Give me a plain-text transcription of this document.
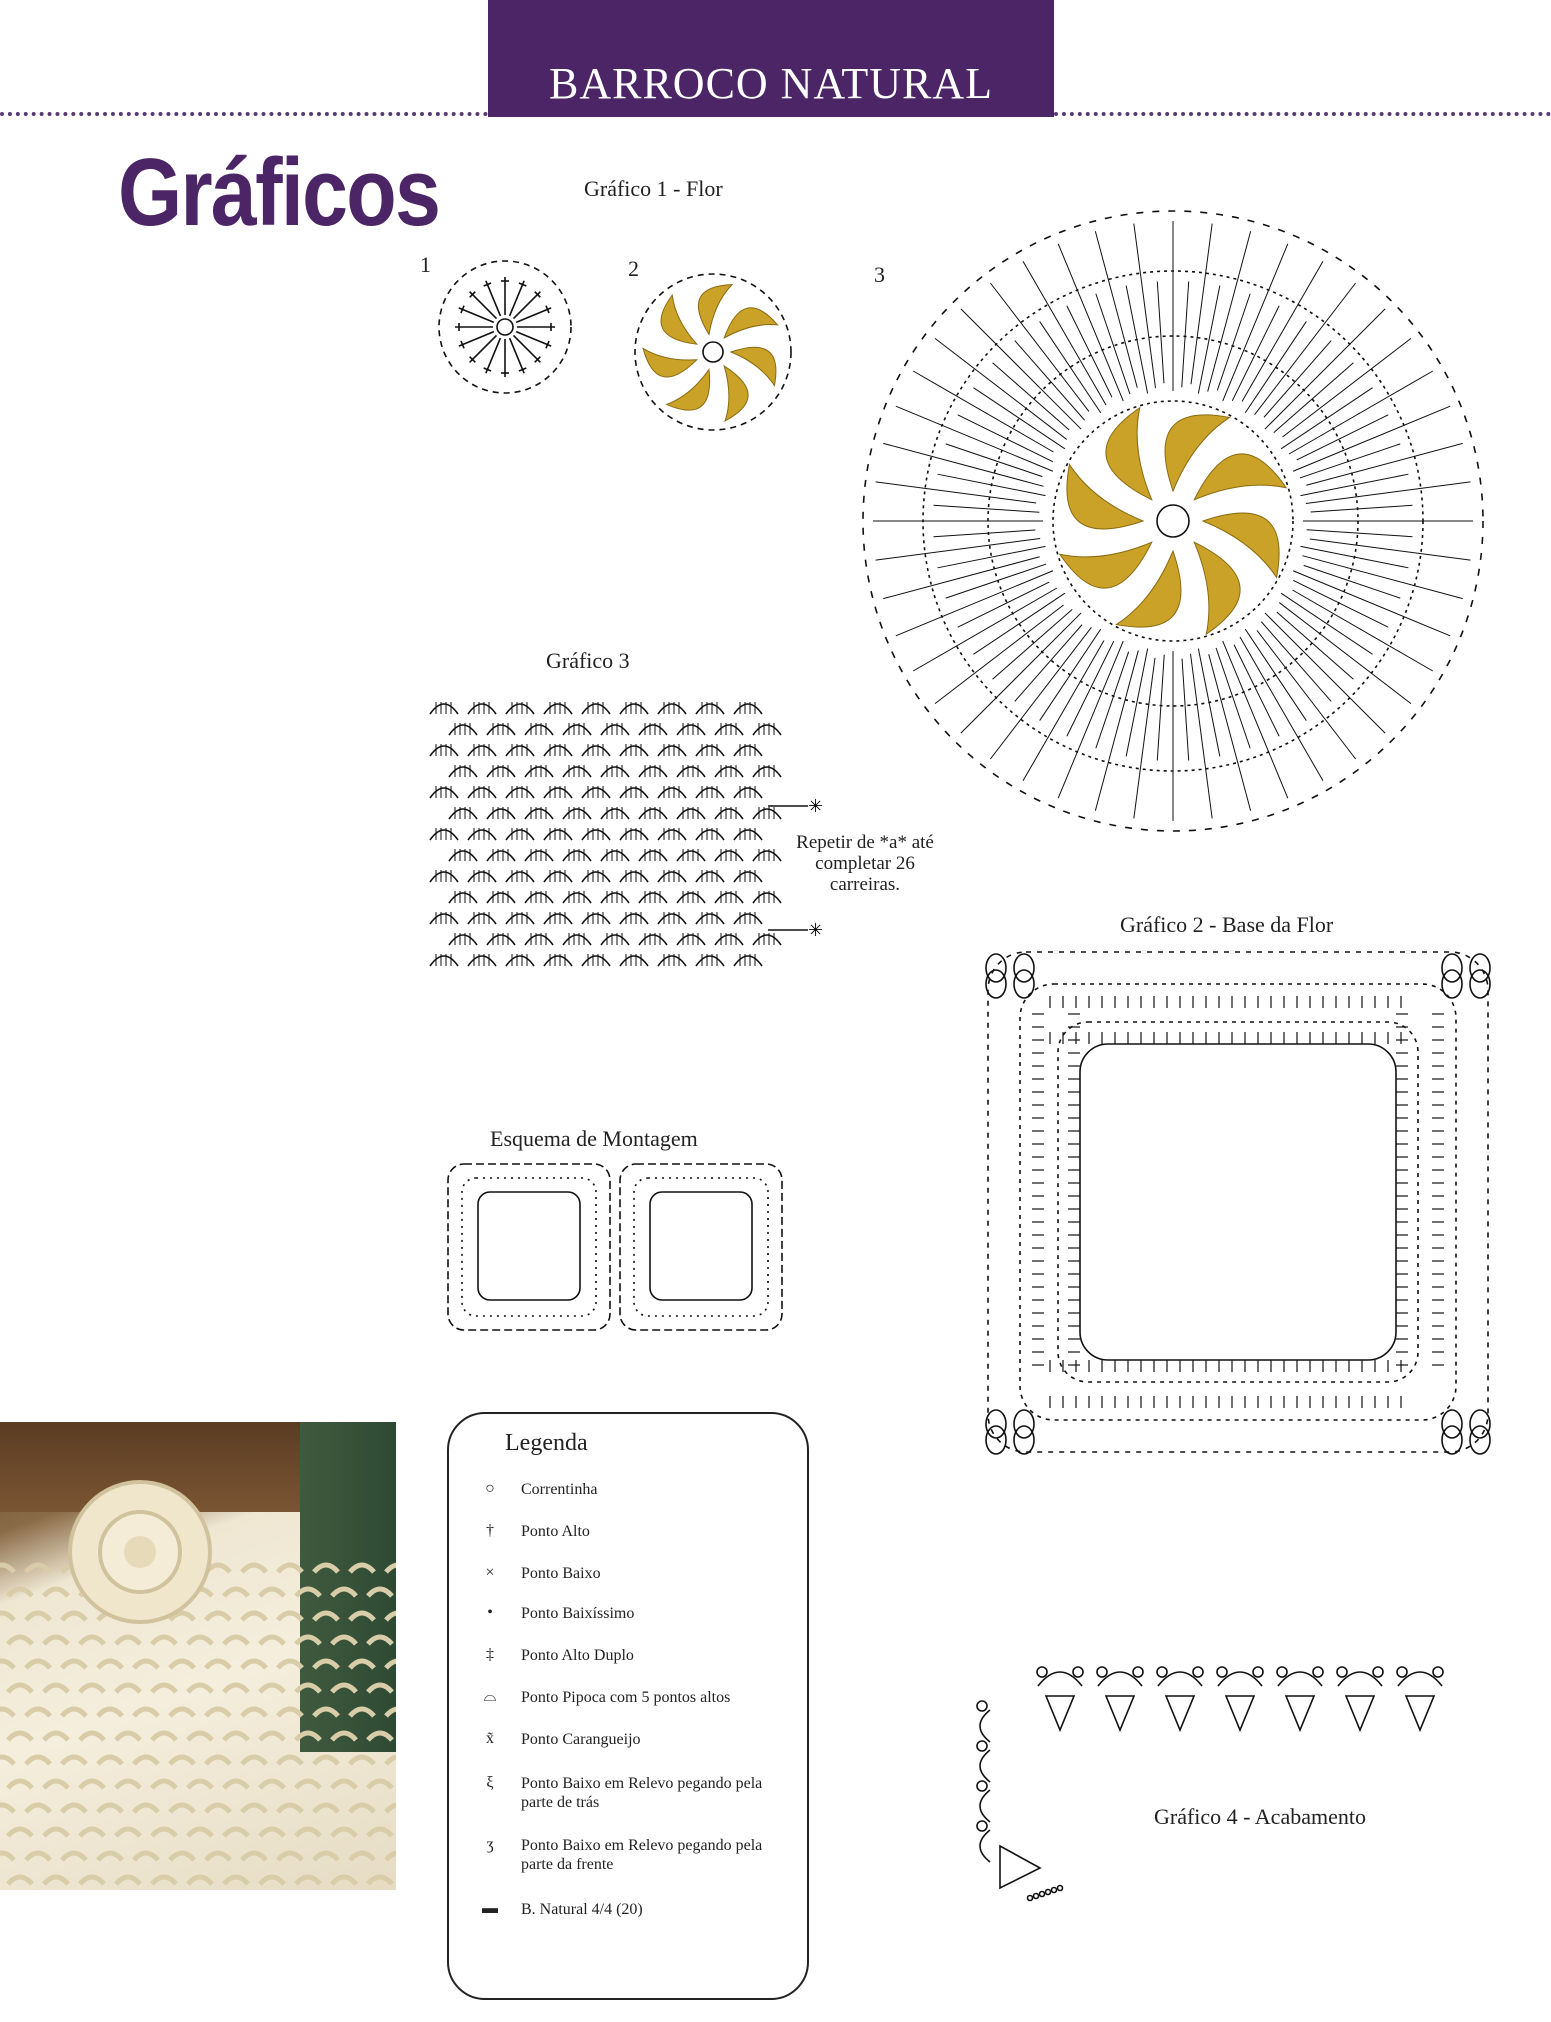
BARROCO NATURAL
Gráficos	Gráfico 1 - Flor
1	2	3
Gráfico 3
✳
✳
Repetir de *a* até completar 26 carreiras.
Gráfico 2 - Base da Flor
Esquema de Montagem
Legenda
○	Correntinha
†	Ponto Alto
×	Ponto Baixo
•	Ponto Baixíssimo
‡	Ponto Alto Duplo
⌓	Ponto Pipoca com 5 pontos altos
x̃	Ponto Carangueijo
ξ	Ponto Baixo em Relevo pegando pela parte de trás
ʒ	Ponto Baixo em Relevo pegando pela parte da frente
▬	B. Natural 4/4 (20)
Gráfico 4 - Acabamento
